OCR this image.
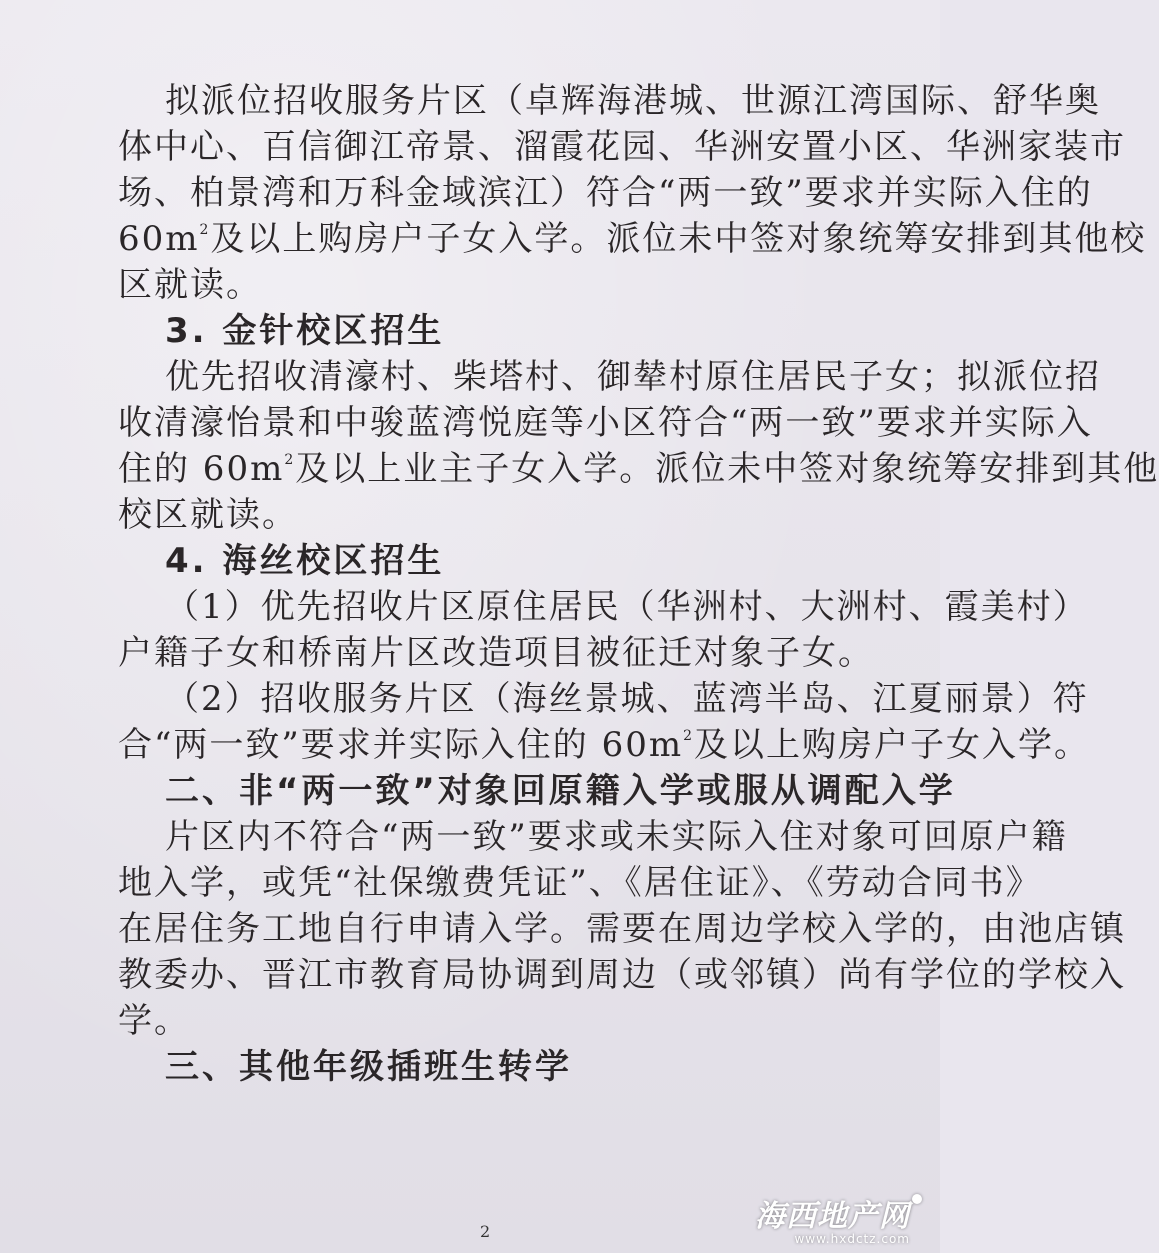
拟派位招收服务片区（卓辉海港城、世源江湾国际、舒华奥
体中心、百信御江帝景、溜霞花园、华洲安置小区、华洲家装市
场、柏景湾和万科金域滨江）符合“两一致”要求并实际入住的
$60m^2$及以上购房户子女入学。派位未中签对象统筹安排到其他校
区就读。
3. 金针校区招生
优先招收清濠村、柴塔村、御辇村原住居民子女；拟派位招
收清濠怡景和中骏蓝湾悦庭等小区符合“两一致”要求并实际入
住的 $60m^2$及以上业主子女入学。派位未中签对象统筹安排到其他
校区就读。
4. 海丝校区招生
（1）优先招收片区原住居民（华洲村、大洲村、霞美村）
户籍子女和桥南片区改造项目被征迁对象子女。
（2）招收服务片区（海丝景城、蓝湾半岛、江夏丽景）符
合“两一致”要求并实际入住的 $60m^2$及以上购房户子女入学。
二、非“两一致”对象回原籍入学或服从调配入学
片区内不符合“两一致”要求或未实际入住对象可回原户籍
地入学，或凭“社保缴费凭证”、《居住证》、《劳动合同书》
在居住务工地自行申请入学。需要在周边学校入学的，由池店镇
教委办、晋江市教育局协调到周边（或邻镇）尚有学位的学校入
学。
三、其他年级插班生转学
2	海西地产网
www.hxdctz.com
